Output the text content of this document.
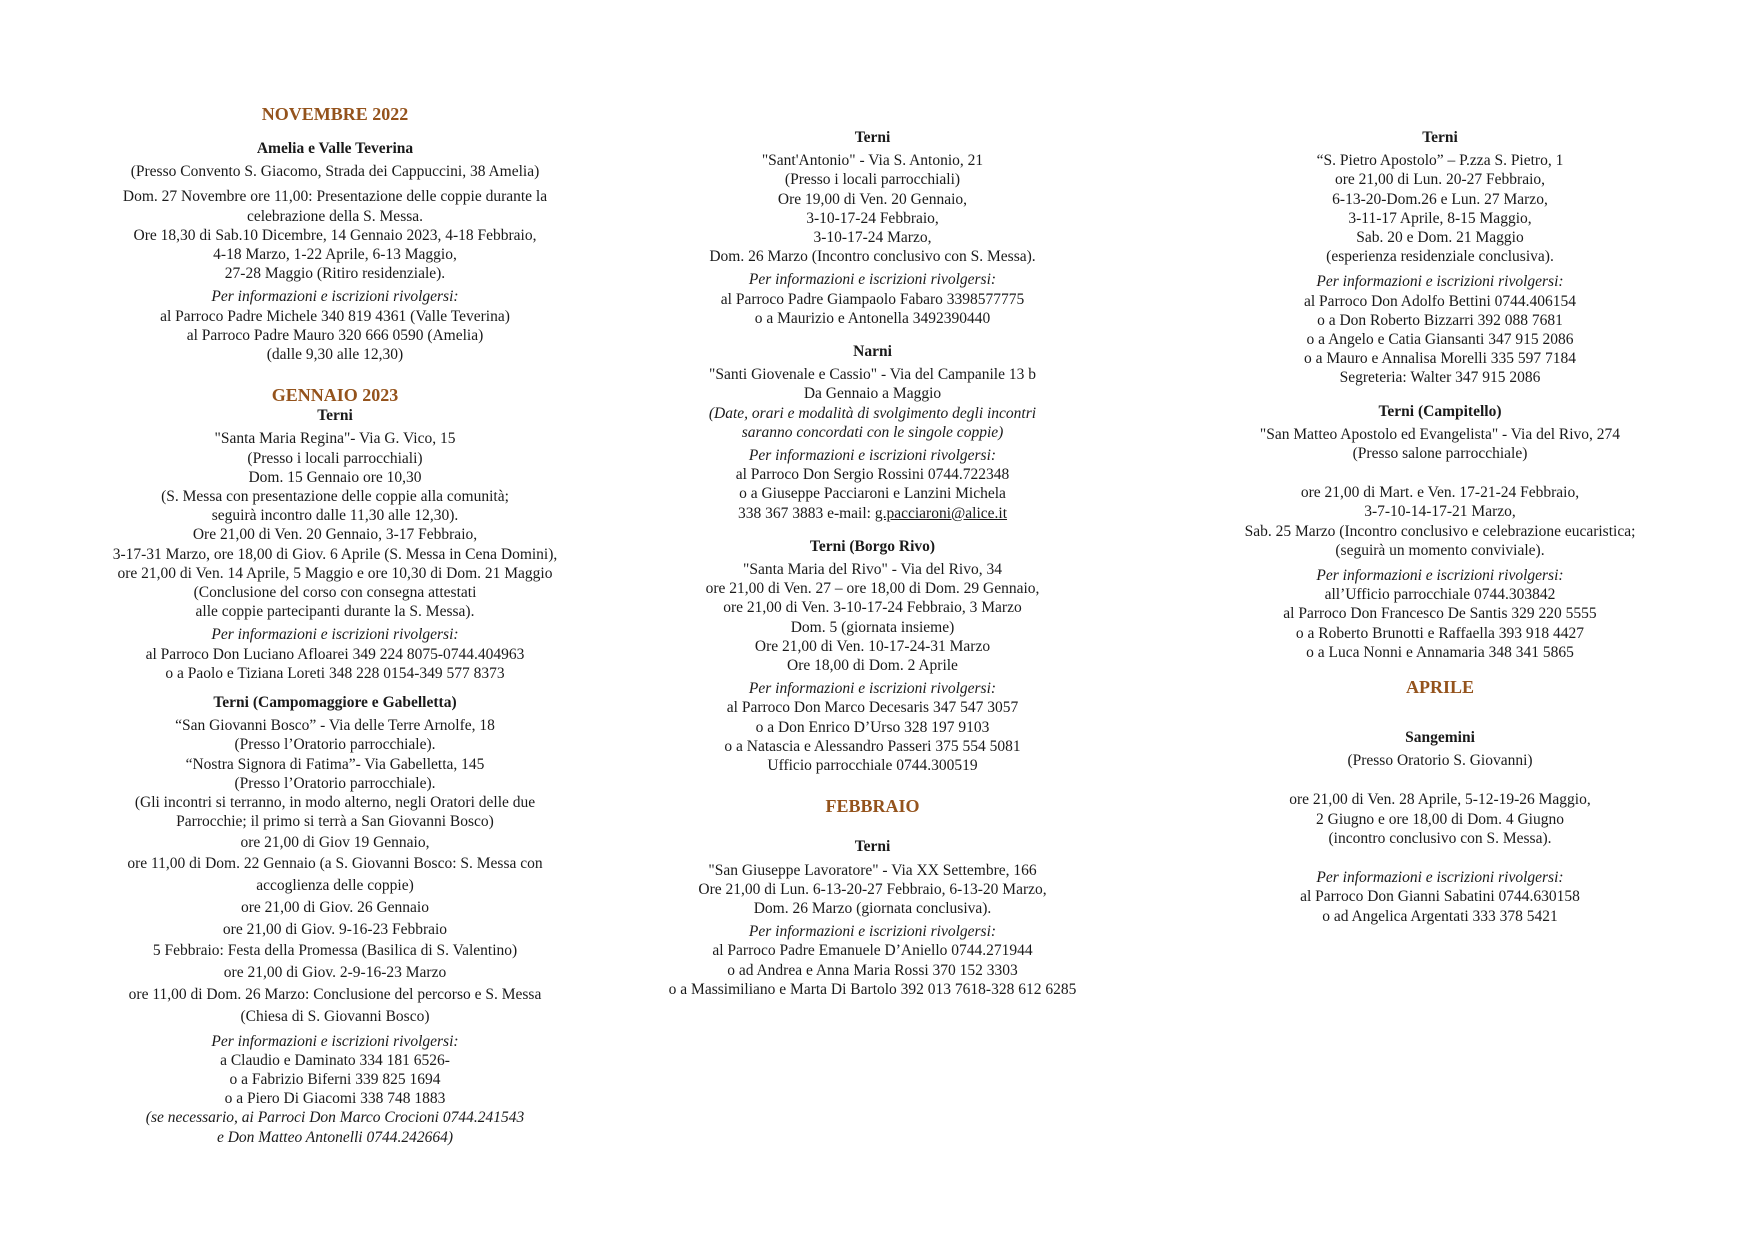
NOVEMBRE 2022
Amelia e Valle Teverina
(Presso Convento S. Giacomo, Strada dei Cappuccini, 38 Amelia)
Dom. 27 Novembre ore 11,00: Presentazione delle coppie durante la
celebrazione della S. Messa.
Ore 18,30 di Sab.10 Dicembre, 14 Gennaio 2023, 4-18 Febbraio,
4-18 Marzo, 1-22 Aprile, 6-13 Maggio,
27-28 Maggio (Ritiro residenziale).
Per informazioni e iscrizioni rivolgersi:
al Parroco Padre Michele 340 819 4361 (Valle Teverina)
al Parroco Padre Mauro 320 666 0590 (Amelia)
(dalle 9,30 alle 12,30)
GENNAIO 2023
Terni
"Santa Maria Regina"- Via G. Vico, 15
(Presso i locali parrocchiali)
Dom. 15 Gennaio ore 10,30
(S. Messa con presentazione delle coppie alla comunità;
seguirà incontro dalle 11,30 alle 12,30).
Ore 21,00 di Ven. 20 Gennaio, 3-17 Febbraio,
3-17-31 Marzo, ore 18,00 di Giov. 6 Aprile (S. Messa in Cena Domini),
ore 21,00 di Ven. 14 Aprile, 5 Maggio e ore 10,30 di Dom. 21 Maggio
(Conclusione del corso con consegna attestati
alle coppie partecipanti durante la S. Messa).
Per informazioni e iscrizioni rivolgersi:
al Parroco Don Luciano Afloarei 349 224 8075-0744.404963
o a Paolo e Tiziana Loreti 348 228 0154-349 577 8373
Terni (Campomaggiore e Gabelletta)
“San Giovanni Bosco” - Via delle Terre Arnolfe, 18
(Presso l’Oratorio parrocchiale).
“Nostra Signora di Fatima”- Via Gabelletta, 145
(Presso l’Oratorio parrocchiale).
(Gli incontri si terranno, in modo alterno, negli Oratori delle due
Parrocchie; il primo si terrà a San Giovanni Bosco)
ore 21,00 di Giov 19 Gennaio,
ore 11,00 di Dom. 22 Gennaio (a S. Giovanni Bosco: S. Messa con
accoglienza delle coppie)
ore 21,00 di Giov. 26 Gennaio
ore 21,00 di Giov. 9-16-23 Febbraio
5 Febbraio: Festa della Promessa (Basilica di S. Valentino)
ore 21,00 di Giov. 2-9-16-23 Marzo
ore 11,00 di Dom. 26 Marzo: Conclusione del percorso e S. Messa
(Chiesa di S. Giovanni Bosco)
Per informazioni e iscrizioni rivolgersi:
a Claudio e Daminato 334 181 6526-
o a Fabrizio Biferni 339 825 1694
o a Piero Di Giacomi 338 748 1883
(se necessario, ai Parroci Don Marco Crocioni 0744.241543
e Don Matteo Antonelli 0744.242664)
Terni
"Sant'Antonio" - Via S. Antonio, 21
(Presso i locali parrocchiali)
Ore 19,00 di Ven. 20 Gennaio,
3-10-17-24 Febbraio,
3-10-17-24 Marzo,
Dom. 26 Marzo (Incontro conclusivo con S. Messa).
Per informazioni e iscrizioni rivolgersi:
al Parroco Padre Giampaolo Fabaro 3398577775
o a Maurizio e Antonella 3492390440
Narni
"Santi Giovenale e Cassio" - Via del Campanile 13 b
Da Gennaio a Maggio
(Date, orari e modalità di svolgimento degli incontri
saranno concordati con le singole coppie)
Per informazioni e iscrizioni rivolgersi:
al Parroco Don Sergio Rossini 0744.722348
o a Giuseppe Pacciaroni e Lanzini Michela
338 367 3883 e-mail: g.pacciaroni@alice.it
Terni (Borgo Rivo)
"Santa Maria del Rivo" - Via del Rivo, 34
ore 21,00 di Ven. 27 – ore 18,00 di Dom. 29 Gennaio,
ore 21,00 di Ven. 3-10-17-24 Febbraio, 3 Marzo
Dom. 5 (giornata insieme)
Ore 21,00 di Ven. 10-17-24-31 Marzo
Ore 18,00 di Dom. 2 Aprile
Per informazioni e iscrizioni rivolgersi:
al Parroco Don Marco Decesaris 347 547 3057
o a Don Enrico D’Urso 328 197 9103
o a Natascia e Alessandro Passeri 375 554 5081
Ufficio parrocchiale 0744.300519
FEBBRAIO
Terni
"San Giuseppe Lavoratore" - Via XX Settembre, 166
Ore 21,00 di Lun. 6-13-20-27 Febbraio, 6-13-20 Marzo,
Dom. 26 Marzo (giornata conclusiva).
Per informazioni e iscrizioni rivolgersi:
al Parroco Padre Emanuele D’Aniello 0744.271944
o ad Andrea e Anna Maria Rossi 370 152 3303
o a Massimiliano e Marta Di Bartolo 392 013 7618-328 612 6285
Terni
“S. Pietro Apostolo” – P.zza S. Pietro, 1
ore 21,00 di Lun. 20-27 Febbraio,
6-13-20-Dom.26 e Lun. 27 Marzo,
3-11-17 Aprile, 8-15 Maggio,
Sab. 20 e Dom. 21 Maggio
(esperienza residenziale conclusiva).
Per informazioni e iscrizioni rivolgersi:
al Parroco Don Adolfo Bettini 0744.406154
o a Don Roberto Bizzarri 392 088 7681
o a Angelo e Catia Giansanti 347 915 2086
o a Mauro e Annalisa Morelli 335 597 7184
Segreteria: Walter 347 915 2086
Terni (Campitello)
"San Matteo Apostolo ed Evangelista" - Via del Rivo, 274
(Presso salone parrocchiale)
ore 21,00 di Mart. e Ven. 17-21-24 Febbraio,
3-7-10-14-17-21 Marzo,
Sab. 25 Marzo (Incontro conclusivo e celebrazione eucaristica;
(seguirà un momento conviviale).
Per informazioni e iscrizioni rivolgersi:
all’Ufficio parrocchiale 0744.303842
al Parroco Don Francesco De Santis 329 220 5555
o a Roberto Brunotti e Raffaella 393 918 4427
o a Luca Nonni e Annamaria 348 341 5865
APRILE
Sangemini
(Presso Oratorio S. Giovanni)
ore 21,00 di Ven. 28 Aprile, 5-12-19-26 Maggio,
2 Giugno e ore 18,00 di Dom. 4 Giugno
(incontro conclusivo con S. Messa).
Per informazioni e iscrizioni rivolgersi:
al Parroco Don Gianni Sabatini 0744.630158
o ad Angelica Argentati 333 378 5421
